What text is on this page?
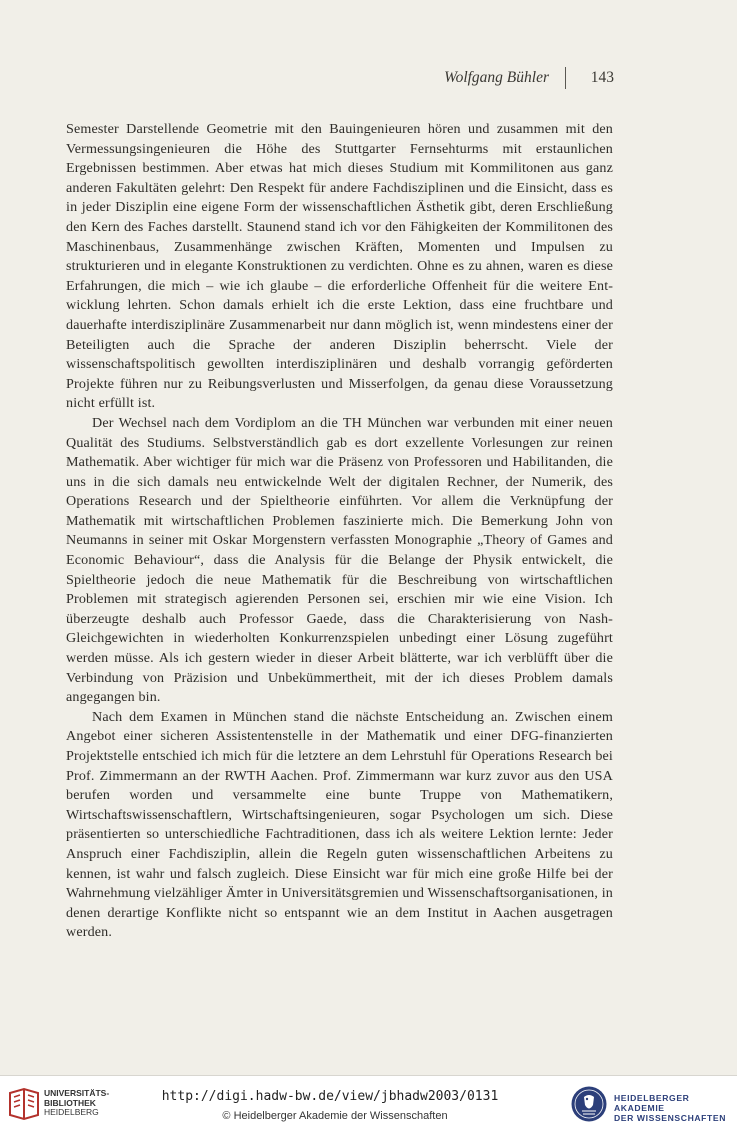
Wolfgang Bühler	143

Semester Darstellende Geometrie mit den Bauingenieuren hören und zusammen mit den Vermessungsingenieuren die Höhe des Stuttgarter Fernsehturms mit erstaunlichen Ergebnissen bestimmen. Aber etwas hat mich dieses Studium mit Kommilitonen aus ganz anderen Fakultäten gelehrt: Den Respekt für andere Fachdisziplinen und die Einsicht, dass es in jeder Disziplin eine eigene Form der wissenschaftlichen Ästhetik gibt, deren Erschließung den Kern des Faches darstellt. Staunend stand ich vor den Fähigkeiten der Kommilitonen des Maschinenbaus, Zusammenhänge zwischen Kräften, Momenten und Impulsen zu strukturieren und in elegante Konstruktionen zu verdichten. Ohne es zu ahnen, waren es diese Erfahrungen, die mich – wie ich glaube – die erforderliche Offenheit für die weitere Entwicklung lehrten. Schon damals erhielt ich die erste Lektion, dass eine fruchtbare und dauerhafte interdisziplinäre Zusammenarbeit nur dann möglich ist, wenn mindestens einer der Beteiligten auch die Sprache der anderen Disziplin beherrscht. Viele der wissenschaftspolitisch gewollten interdisziplinären und deshalb vorrangig geförderten Projekte führen nur zu Reibungsverlusten und Misserfolgen, da genau diese Voraussetzung nicht erfüllt ist.

Der Wechsel nach dem Vordiplom an die TH München war verbunden mit einer neuen Qualität des Studiums. Selbstverständlich gab es dort exzellente Vorlesungen zur reinen Mathematik. Aber wichtiger für mich war die Präsenz von Professoren und Habilitanden, die uns in die sich damals neu entwickelnde Welt der digitalen Rechner, der Numerik, des Operations Research und der Spieltheorie einführten. Vor allem die Verknüpfung der Mathematik mit wirtschaftlichen Problemen faszinierte mich. Die Bemerkung John von Neumanns in seiner mit Oskar Morgenstern verfassten Monographie „Theory of Games and Economic Behaviour“, dass die Analysis für die Belange der Physik entwickelt, die Spieltheorie jedoch die neue Mathematik für die Beschreibung von wirtschaftlichen Problemen mit strategisch agierenden Personen sei, erschien mir wie eine Vision. Ich überzeugte deshalb auch Professor Gaede, dass die Charakterisierung von Nash-Gleichgewichten in wiederholten Konkurrenzspielen unbedingt einer Lösung zugeführt werden müsse. Als ich gestern wieder in dieser Arbeit blätterte, war ich verblüfft über die Verbindung von Präzision und Unbekümmertheit, mit der ich dieses Problem damals angegangen bin.

Nach dem Examen in München stand die nächste Entscheidung an. Zwischen einem Angebot einer sicheren Assistentenstelle in der Mathematik und einer DFG-finanzierten Projektstelle entschied ich mich für die letztere an dem Lehrstuhl für Operations Research bei Prof. Zimmermann an der RWTH Aachen. Prof. Zimmermann war kurz zuvor aus den USA berufen worden und versammelte eine bunte Truppe von Mathematikern, Wirtschaftswissenschaftlern, Wirtschaftsingenieuren, sogar Psychologen um sich. Diese präsentierten so unterschiedliche Fachtraditionen, dass ich als weitere Lektion lernte: Jeder Anspruch einer Fachdisziplin, allein die Regeln guten wissenschaftlichen Arbeitens zu kennen, ist wahr und falsch zugleich. Diese Einsicht war für mich eine große Hilfe bei der Wahrnehmung vielzähliger Ämter in Universitätsgremien und Wissenschaftsorganisationen, in denen derartige Konflikte nicht so entspannt wie an dem Institut in Aachen ausgetragen werden.

UNIVERSITÄTS-
BIBLIOTHEK
HEIDELBERG
http://digi.hadw-bw.de/view/jbhadw2003/0131
© Heidelberger Akademie der Wissenschaften
HEIDELBERGER AKADEMIE
DER WISSENSCHAFTEN
